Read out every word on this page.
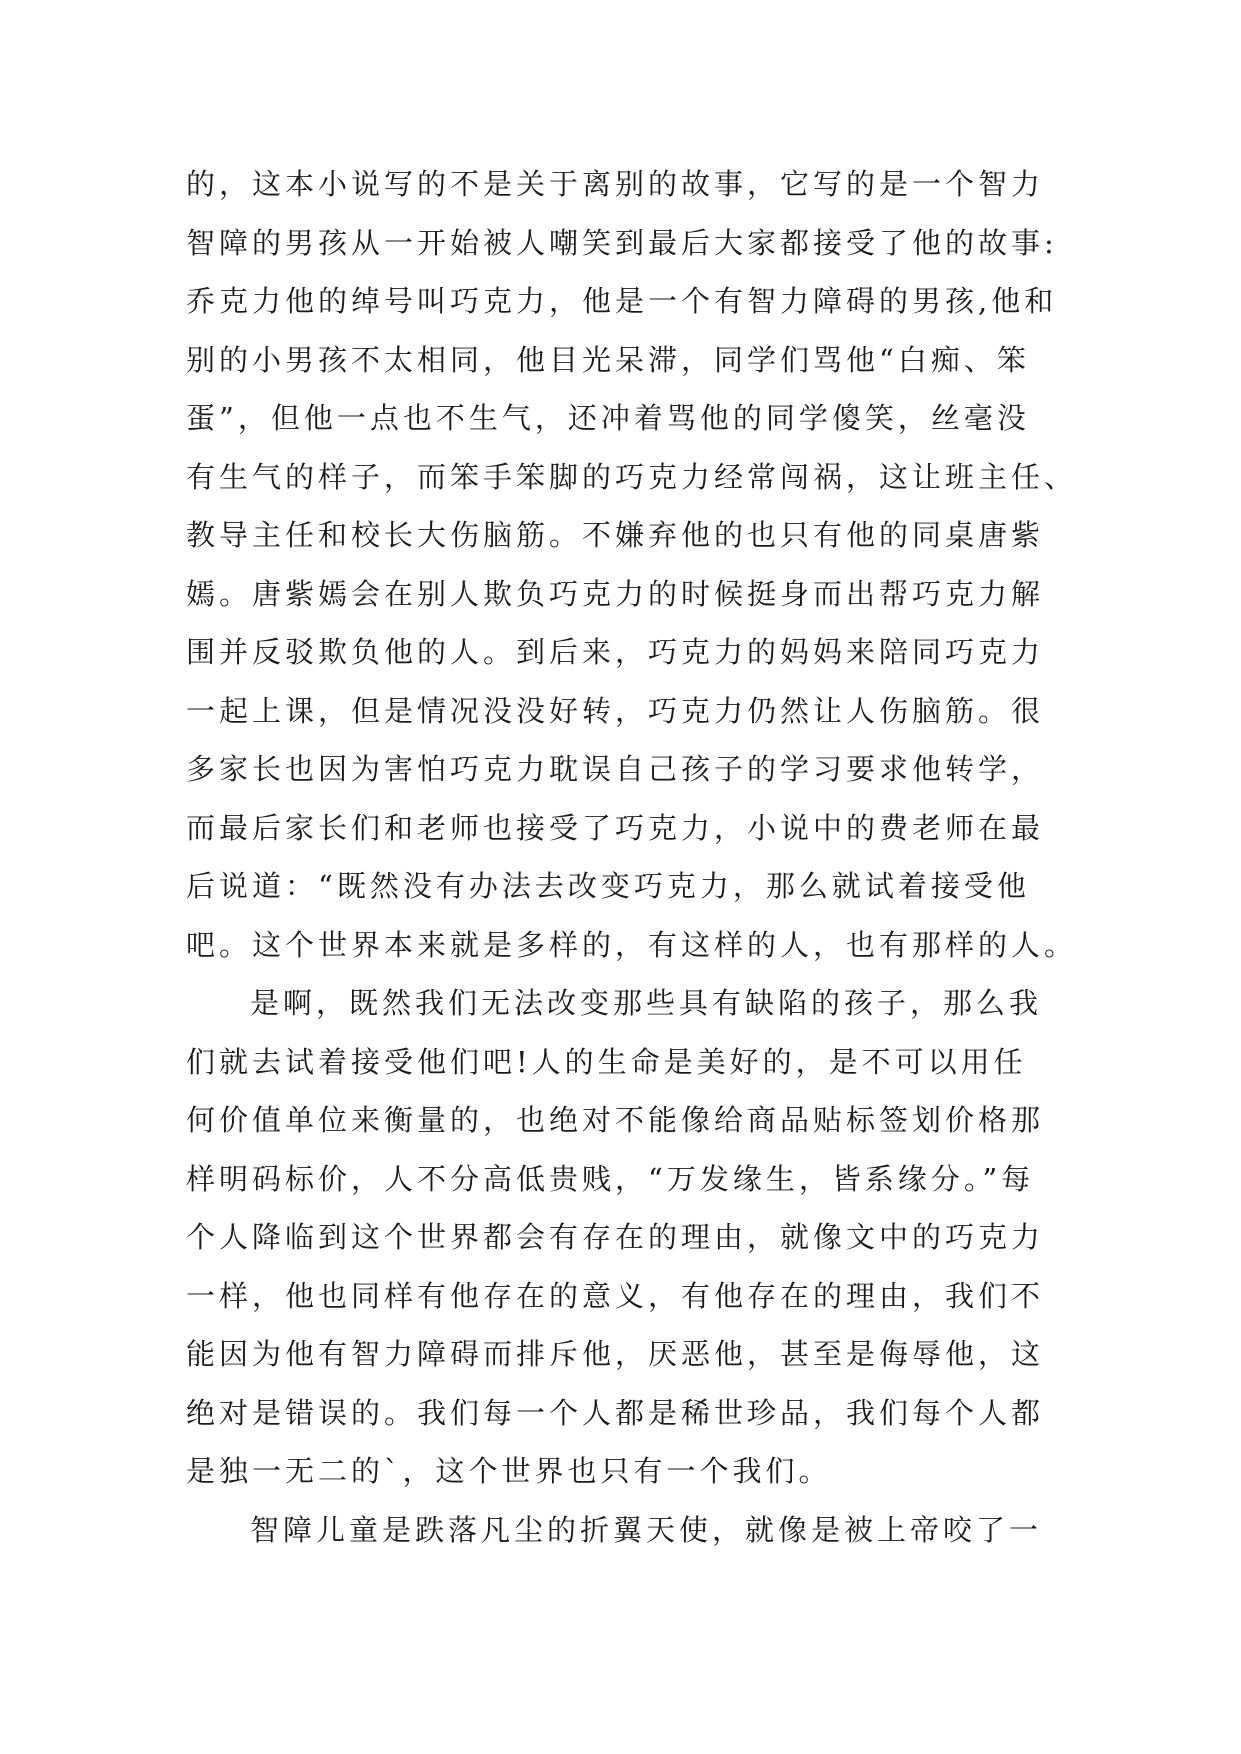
的，这本小说写的不是关于离别的故事，它写的是一个智力
智障的男孩从一开始被人嘲笑到最后大家都接受了他的故事:
乔克力他的绰号叫巧克力，他是一个有智力障碍的男孩,他和
别的小男孩不太相同，他目光呆滞，同学们骂他“白痴、笨
蛋”，但他一点也不生气，还冲着骂他的同学傻笑，丝毫没
有生气的样子，而笨手笨脚的巧克力经常闯祸，这让班主任、
教导主任和校长大伤脑筋。不嫌弃他的也只有他的同桌唐紫
嫣。唐紫嫣会在别人欺负巧克力的时候挺身而出帮巧克力解
围并反驳欺负他的人。到后来，巧克力的妈妈来陪同巧克力
一起上课，但是情况没没好转，巧克力仍然让人伤脑筋。很
多家长也因为害怕巧克力耽误自己孩子的学习要求他转学，
而最后家长们和老师也接受了巧克力，小说中的费老师在最
后说道：“既然没有办法去改变巧克力，那么就试着接受他
吧。这个世界本来就是多样的，有这样的人，也有那样的人。
是啊，既然我们无法改变那些具有缺陷的孩子，那么我
们就去试着接受他们吧!人的生命是美好的，是不可以用任
何价值单位来衡量的，也绝对不能像给商品贴标签划价格那
样明码标价，人不分高低贵贱，“万发缘生，皆系缘分。”每
个人降临到这个世界都会有存在的理由，就像文中的巧克力
一样，他也同样有他存在的意义，有他存在的理由，我们不
能因为他有智力障碍而排斥他，厌恶他，甚至是侮辱他，这
绝对是错误的。我们每一个人都是稀世珍品，我们每个人都
是独一无二的`，这个世界也只有一个我们。
智障儿童是跌落凡尘的折翼天使，就像是被上帝咬了一
